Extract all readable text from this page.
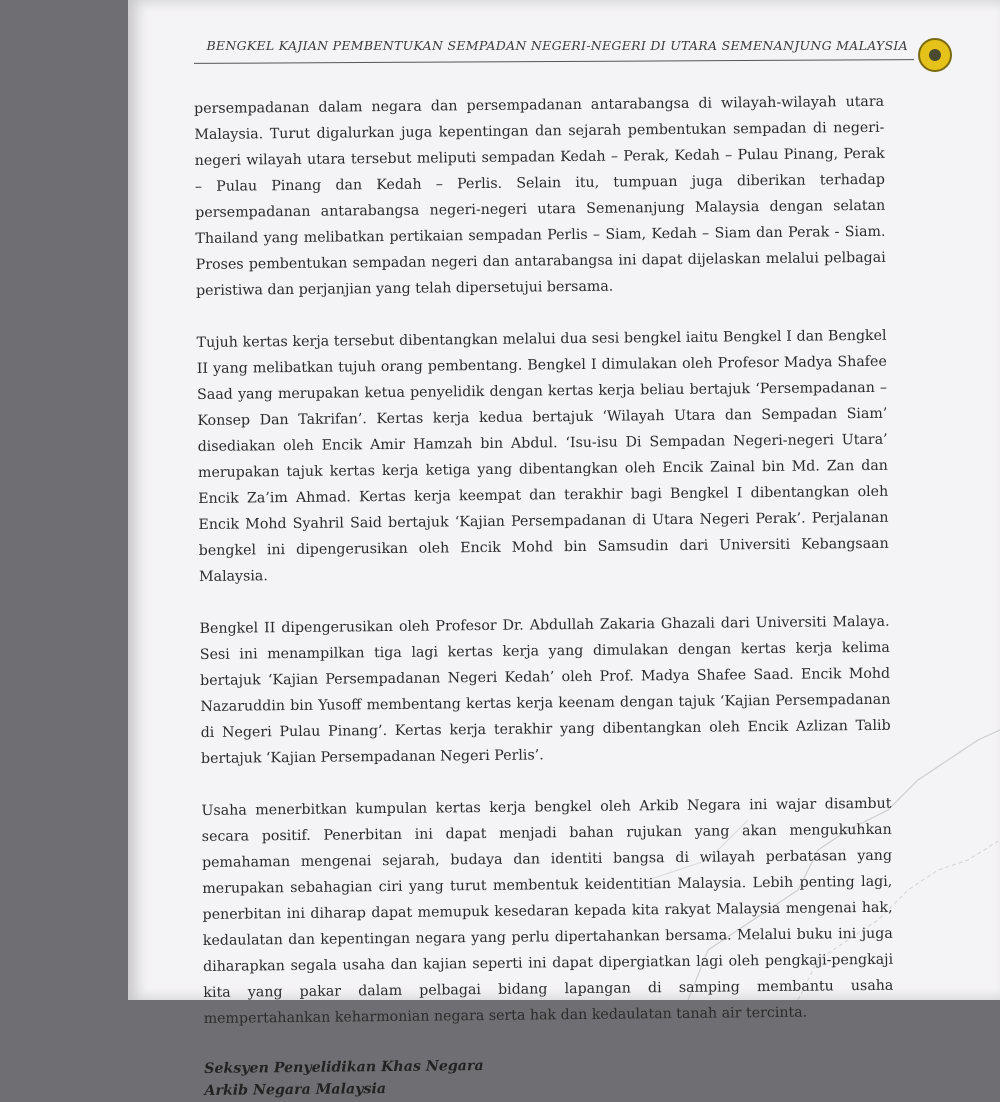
BENGKEL KAJIAN PEMBENTUKAN SEMPADAN NEGERI-NEGERI DI UTARA SEMENANJUNG MALAYSIA

persempadanan dalam negara dan persempadanan antarabangsa di wilayah-wilayah utara Malaysia. Turut digalurkan juga kepentingan dan sejarah pembentukan sempadan di negeri-negeri wilayah utara tersebut meliputi sempadan Kedah – Perak, Kedah – Pulau Pinang, Perak – Pulau Pinang dan Kedah – Perlis. Selain itu, tumpuan juga diberikan terhadap persempadanan antarabangsa negeri-negeri utara Semenanjung Malaysia dengan selatan Thailand yang melibatkan pertikaian sempadan Perlis – Siam, Kedah – Siam dan Perak - Siam. Proses pembentukan sempadan negeri dan antarabangsa ini dapat dijelaskan melalui pelbagai peristiwa dan perjanjian yang telah dipersetujui bersama.

Tujuh kertas kerja tersebut dibentangkan melalui dua sesi bengkel iaitu Bengkel I dan Bengkel II yang melibatkan tujuh orang pembentang. Bengkel I dimulakan oleh Profesor Madya Shafee Saad yang merupakan ketua penyelidik dengan kertas kerja beliau bertajuk ‘Persempadanan – Konsep Dan Takrifan’. Kertas kerja kedua bertajuk ‘Wilayah Utara dan Sempadan Siam’ disediakan oleh Encik Amir Hamzah bin Abdul. ‘Isu-isu Di Sempadan Negeri-negeri Utara’ merupakan tajuk kertas kerja ketiga yang dibentangkan oleh Encik Zainal bin Md. Zan dan Encik Za’im Ahmad. Kertas kerja keempat dan terakhir bagi Bengkel I dibentangkan oleh Encik Mohd Syahril Said bertajuk ‘Kajian Persempadanan di Utara Negeri Perak’. Perjalanan bengkel ini dipengerusikan oleh Encik Mohd bin Samsudin dari Universiti Kebangsaan Malaysia.

Bengkel II dipengerusikan oleh Profesor Dr. Abdullah Zakaria Ghazali dari Universiti Malaya. Sesi ini menampilkan tiga lagi kertas kerja yang dimulakan dengan kertas kerja kelima bertajuk ‘Kajian Persempadanan Negeri Kedah’ oleh Prof. Madya Shafee Saad. Encik Mohd Nazaruddin bin Yusoff membentang kertas kerja keenam dengan tajuk ‘Kajian Persempadanan di Negeri Pulau Pinang’. Kertas kerja terakhir yang dibentangkan oleh Encik Azlizan Talib bertajuk ‘Kajian Persempadanan Negeri Perlis’.

Usaha menerbitkan kumpulan kertas kerja bengkel oleh Arkib Negara ini wajar disambut secara positif. Penerbitan ini dapat menjadi bahan rujukan yang akan mengukuhkan pemahaman mengenai sejarah, budaya dan identiti bangsa di wilayah perbatasan yang merupakan sebahagian ciri yang turut membentuk keidentitian Malaysia. Lebih penting lagi, penerbitan ini diharap dapat memupuk kesedaran kepada kita rakyat Malaysia mengenai hak, kedaulatan dan kepentingan negara yang perlu dipertahankan bersama. Melalui buku ini juga diharapkan segala usaha dan kajian seperti ini dapat dipergiatkan lagi oleh pengkaji-pengkaji kita yang pakar dalam pelbagai bidang lapangan di samping membantu usaha mempertahankan keharmonian negara serta hak dan kedaulatan tanah air tercinta.

Seksyen Penyelidikan Khas Negara
Arkib Negara Malaysia
